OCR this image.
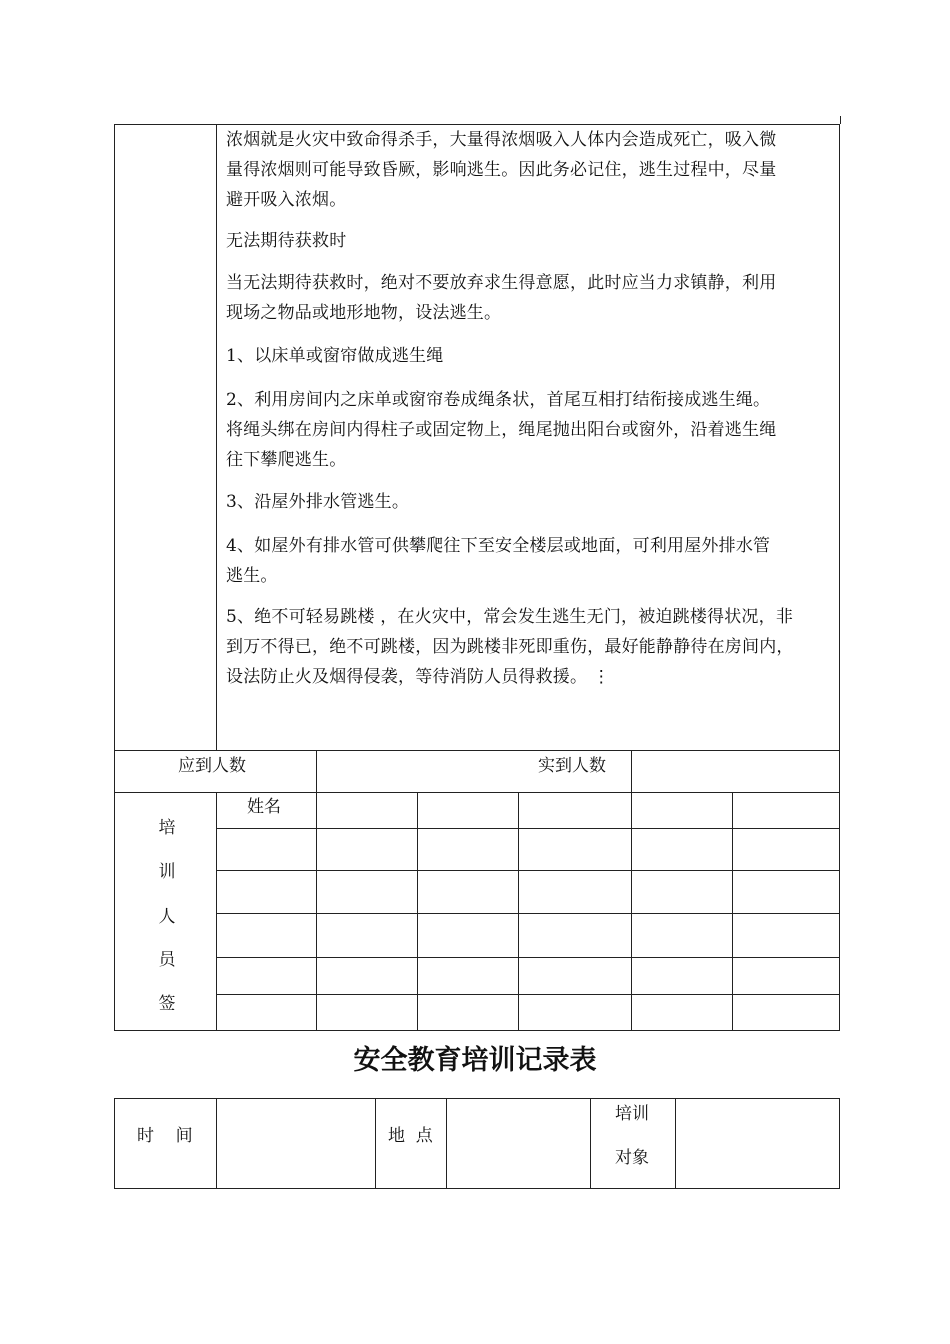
浓烟就是火灾中致命得杀手，大量得浓烟吸入人体内会造成死亡，吸入微
量得浓烟则可能导致昏厥，影响逃生。因此务必记住，逃生过程中，尽量
避开吸入浓烟。
无法期待获救时
当无法期待获救时，绝对不要放弃求生得意愿，此时应当力求镇静，利用
现场之物品或地形地物，设法逃生。
1、以床单或窗帘做成逃生绳
2、利用房间内之床单或窗帘卷成绳条状，首尾互相打结衔接成逃生绳。
将绳头绑在房间内得柱子或固定物上，绳尾抛出阳台或窗外，沿着逃生绳
往下攀爬逃生。
3、沿屋外排水管逃生。
4、如屋外有排水管可供攀爬往下至安全楼层或地面，可利用屋外排水管
逃生。
5、绝不可轻易跳楼 ，在火灾中，常会发生逃生无门，被迫跳楼得状况，非
到万不得已，绝不可跳楼，因为跳楼非死即重伤，最好能静静待在房间内，
设法防止火及烟得侵袭，等待消防人员得救援。 ⋮
应到人数	实到人数
培
训
人
员
签
姓名
安全教育培训记录表
时    间	地  点
培训
对象
